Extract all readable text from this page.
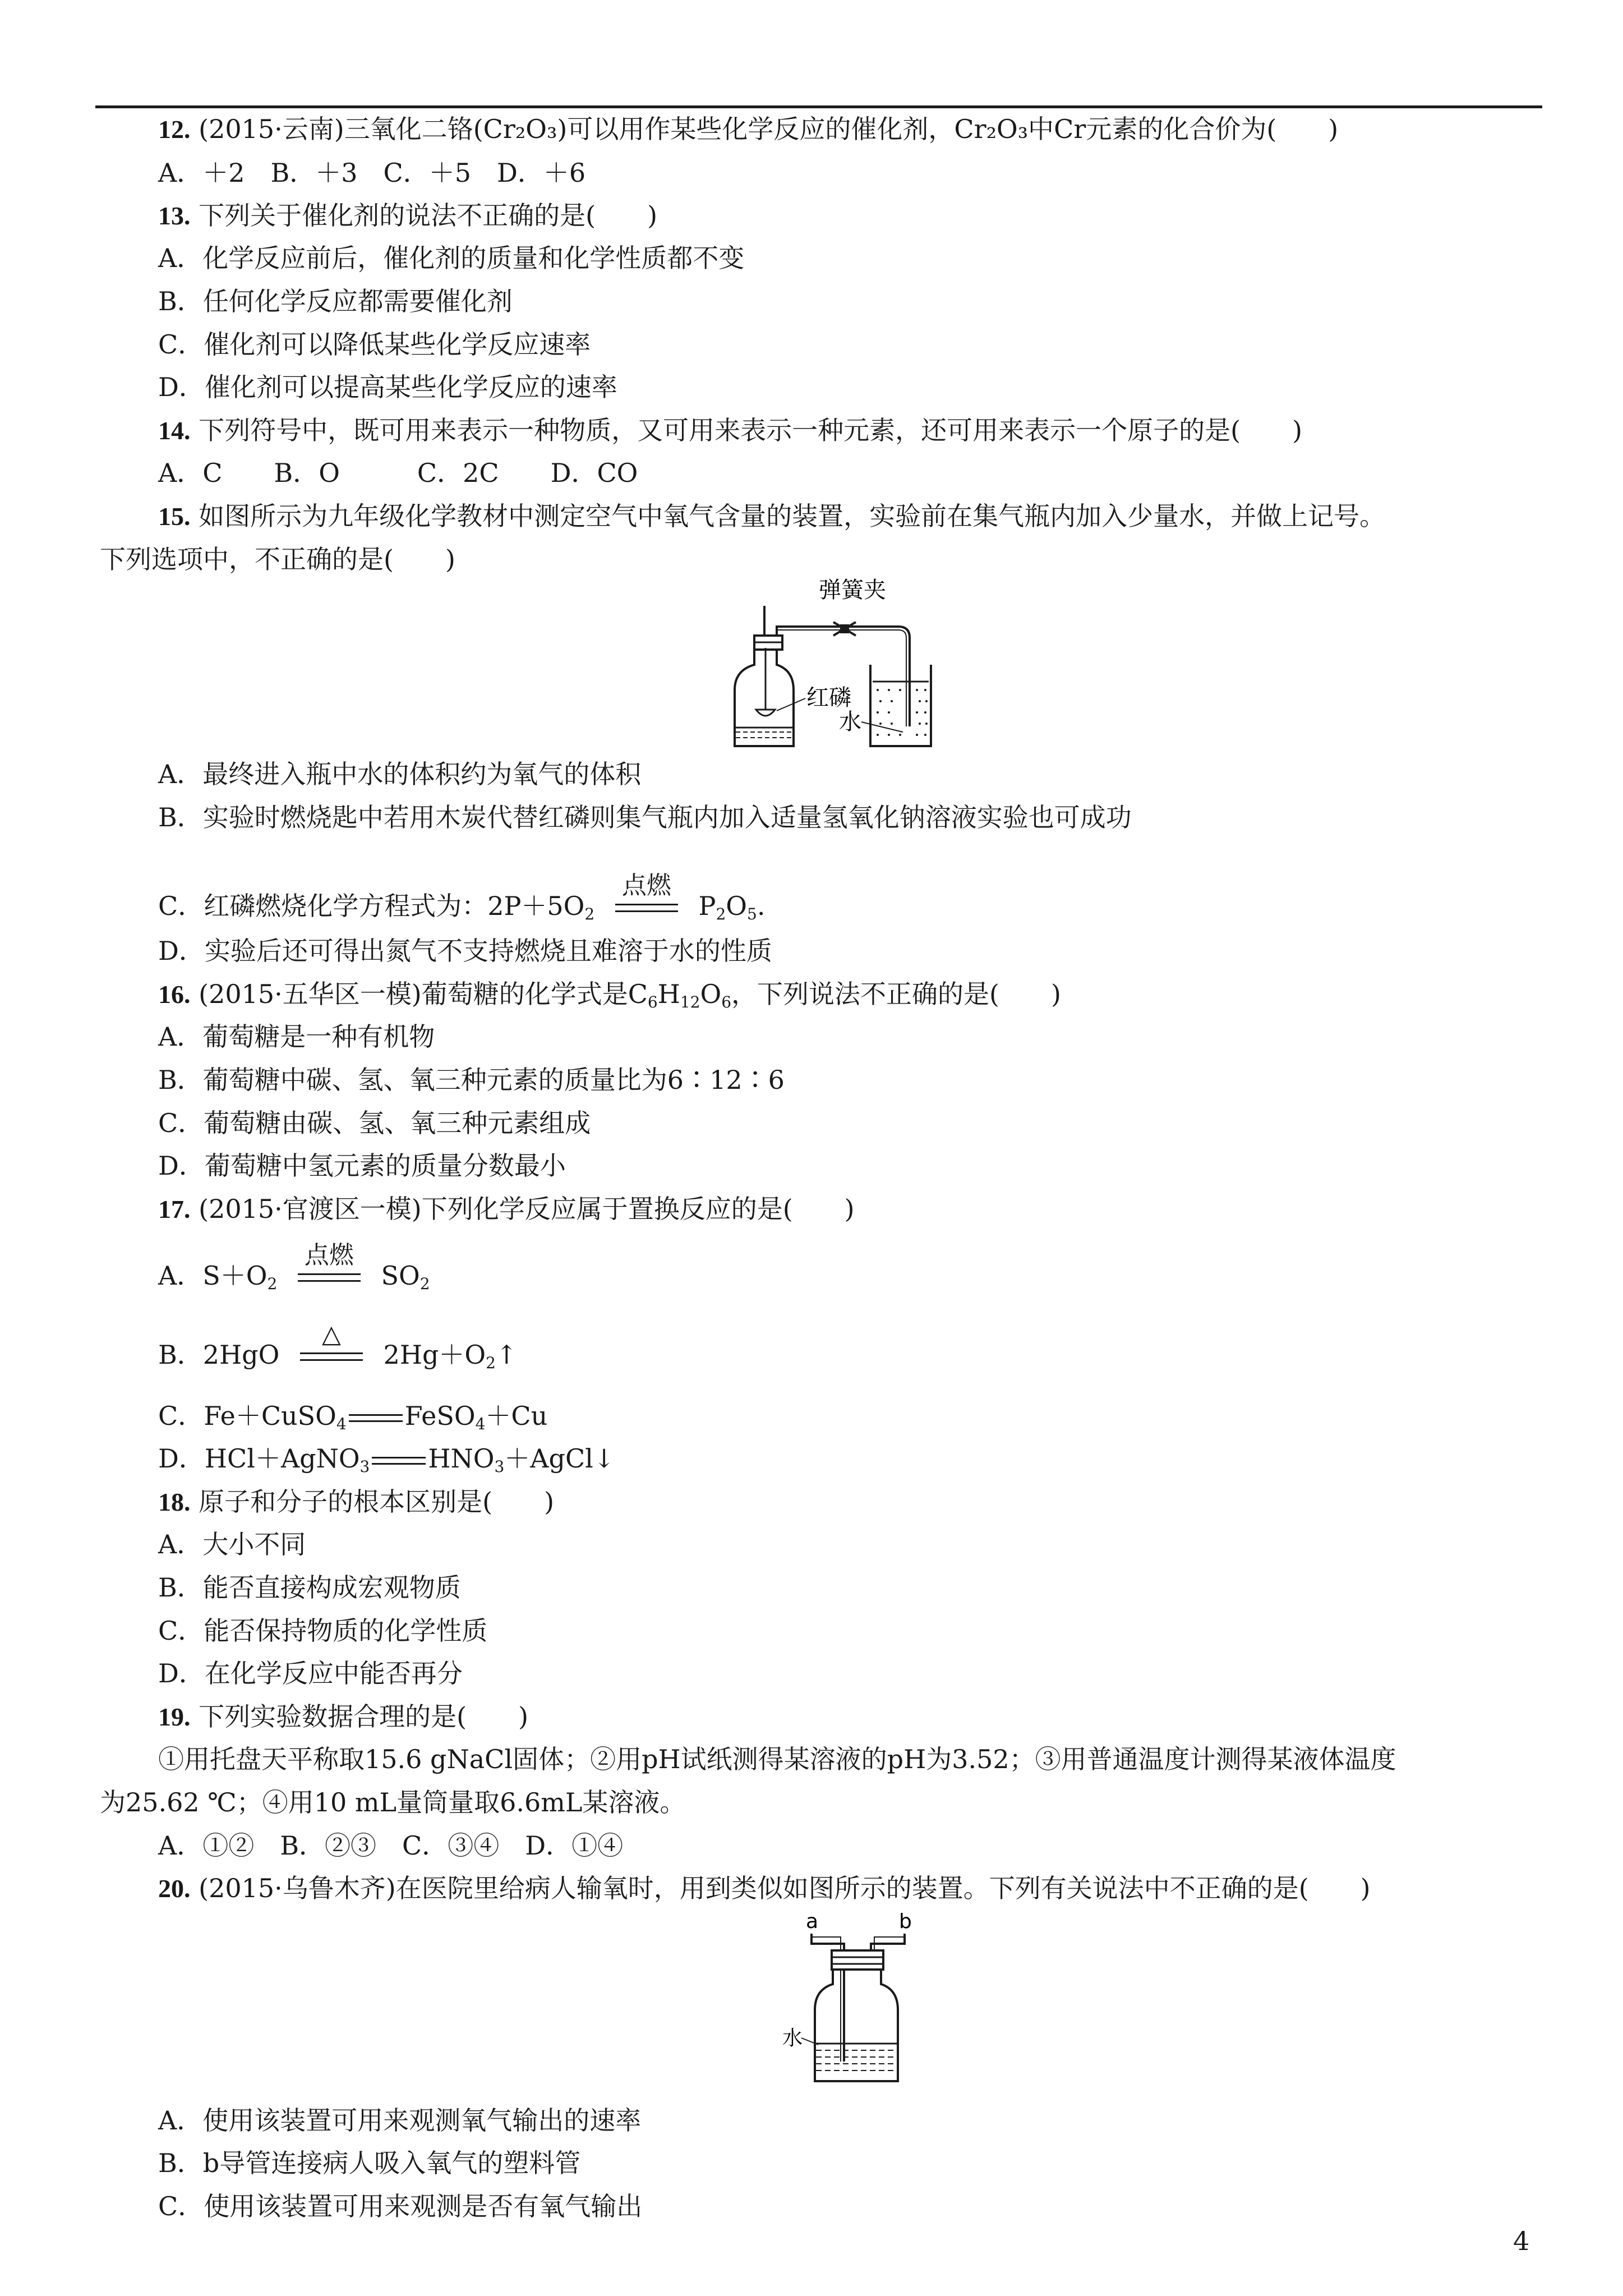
12. (2015·云南)三氧化二铬(Cr₂O₃)可以用作某些化学反应的催化剂，Cr₂O₃中Cr元素的化合价为(　　)
A．＋2　B．＋3　C．＋5　D．＋6
13. 下列关于催化剂的说法不正确的是(　　)
A．化学反应前后，催化剂的质量和化学性质都不变
B．任何化学反应都需要催化剂
C．催化剂可以降低某些化学反应速率
D．催化剂可以提高某些化学反应的速率
14. 下列符号中，既可用来表示一种物质，又可用来表示一种元素，还可用来表示一个原子的是(　　)
A．C　　B．O　　　C．2C　　D．CO
15. 如图所示为九年级化学教材中测定空气中氧气含量的装置，实验前在集气瓶内加入少量水，并做上记号。
下列选项中，不正确的是(　　)
弹簧夹
红磷
水
A．最终进入瓶中水的体积约为氧气的体积
B．实验时燃烧匙中若用木炭代替红磷则集气瓶内加入适量氢氧化钠溶液实验也可成功
C．红磷燃烧化学方程式为：$2P+5O_2$
点燃
$P_2O_5$.
D．实验后还可得出氮气不支持燃烧且难溶于水的性质
16. (2015·五华区一模)葡萄糖的化学式是$C_6H_{12}O_6$，下列说法不正确的是(　　)
A．葡萄糖是一种有机物
B．葡萄糖中碳、氢、氧三种元素的质量比为6∶12∶6
C．葡萄糖由碳、氢、氧三种元素组成
D．葡萄糖中氢元素的质量分数最小
17. (2015·官渡区一模)下列化学反应属于置换反应的是(　　)
A．$S+O_2$
点燃
$SO_2$
B．2HgO
△
$2Hg+O_2↑$
C．Fe＋CuSO$_4$ FeSO$_4$＋Cu
D．HCl＋AgNO$_3$ $HNO_3+AgCl↓$
18. 原子和分子的根本区别是(　　)
A．大小不同
B．能否直接构成宏观物质
C．能否保持物质的化学性质
D．在化学反应中能否再分
19. 下列实验数据合理的是(　　)
①用托盘天平称取15.6 gNaCl固体；②用pH试纸测得某溶液的pH为3.52；③用普通温度计测得某液体温度
为25.62 ℃；④用10 mL量筒量取6.6mL某溶液。
A．①②　B．②③　C．③④　D．①④
20. (2015·乌鲁木齐)在医院里给病人输氧时，用到类似如图所示的装置。下列有关说法中不正确的是(　　)
a	b
水
A．使用该装置可用来观测氧气输出的速率
B．b导管连接病人吸入氧气的塑料管
C．使用该装置可用来观测是否有氧气输出
4
